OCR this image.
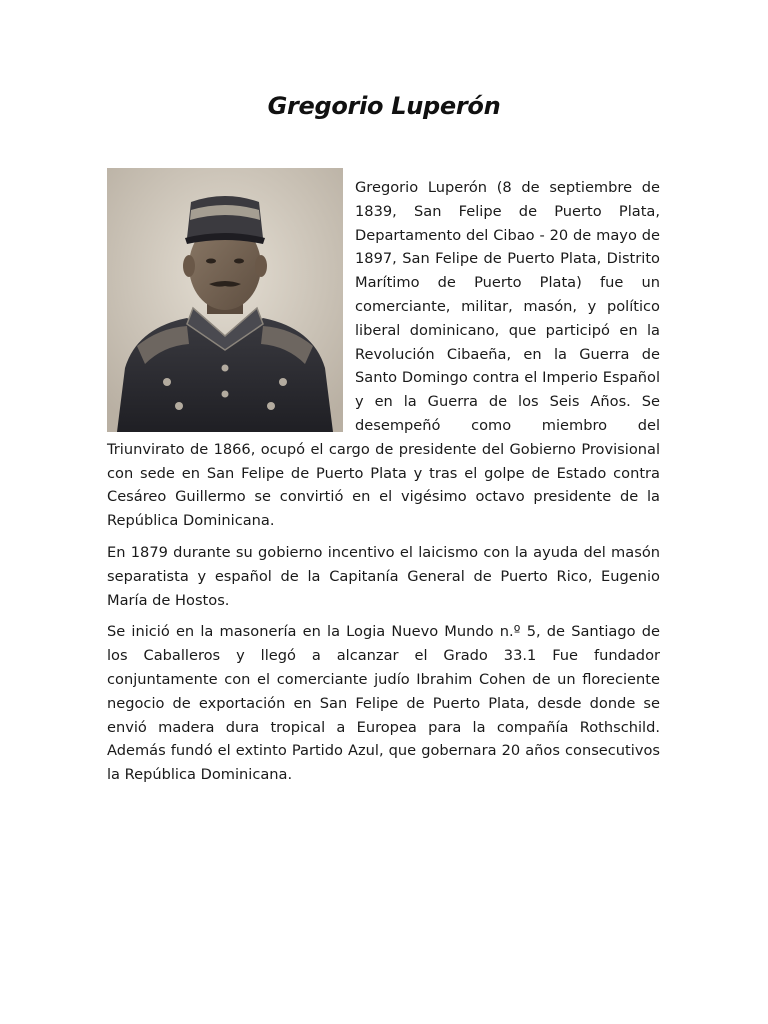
Gregorio Luperón

Gregorio Luperón (8 de septiembre de 1839, San Felipe de Puerto Plata, Departamento del Cibao - 20 de mayo de 1897, San Felipe de Puerto Plata, Distrito Marítimo de Puerto Plata) fue un comerciante, militar, masón, y político liberal dominicano, que participó en la Revolución Cibaeña, en la Guerra de Santo Domingo contra el Imperio Español y en la Guerra de los Seis Años. Se desempeñó como miembro del Triunvirato de 1866, ocupó el cargo de presidente del Gobierno Provisional con sede en San Felipe de Puerto Plata y tras el golpe de Estado contra Cesáreo Guillermo se convirtió en el vigésimo octavo presidente de la República Dominicana.

En 1879 durante su gobierno incentivo el laicismo con la ayuda del masón separatista y español de la Capitanía General de Puerto Rico, Eugenio María de Hostos.

Se inició en la masonería en la Logia Nuevo Mundo n.º 5, de Santiago de los Caballeros y llegó a alcanzar el Grado 33.1 Fue fundador conjuntamente con el comerciante judío Ibrahim Cohen de un floreciente negocio de exportación en San Felipe de Puerto Plata, desde donde se envió madera dura tropical a Europea para la compañía Rothschild. Además fundó el extinto Partido Azul, que gobernara 20 años consecutivos la República Dominicana.
